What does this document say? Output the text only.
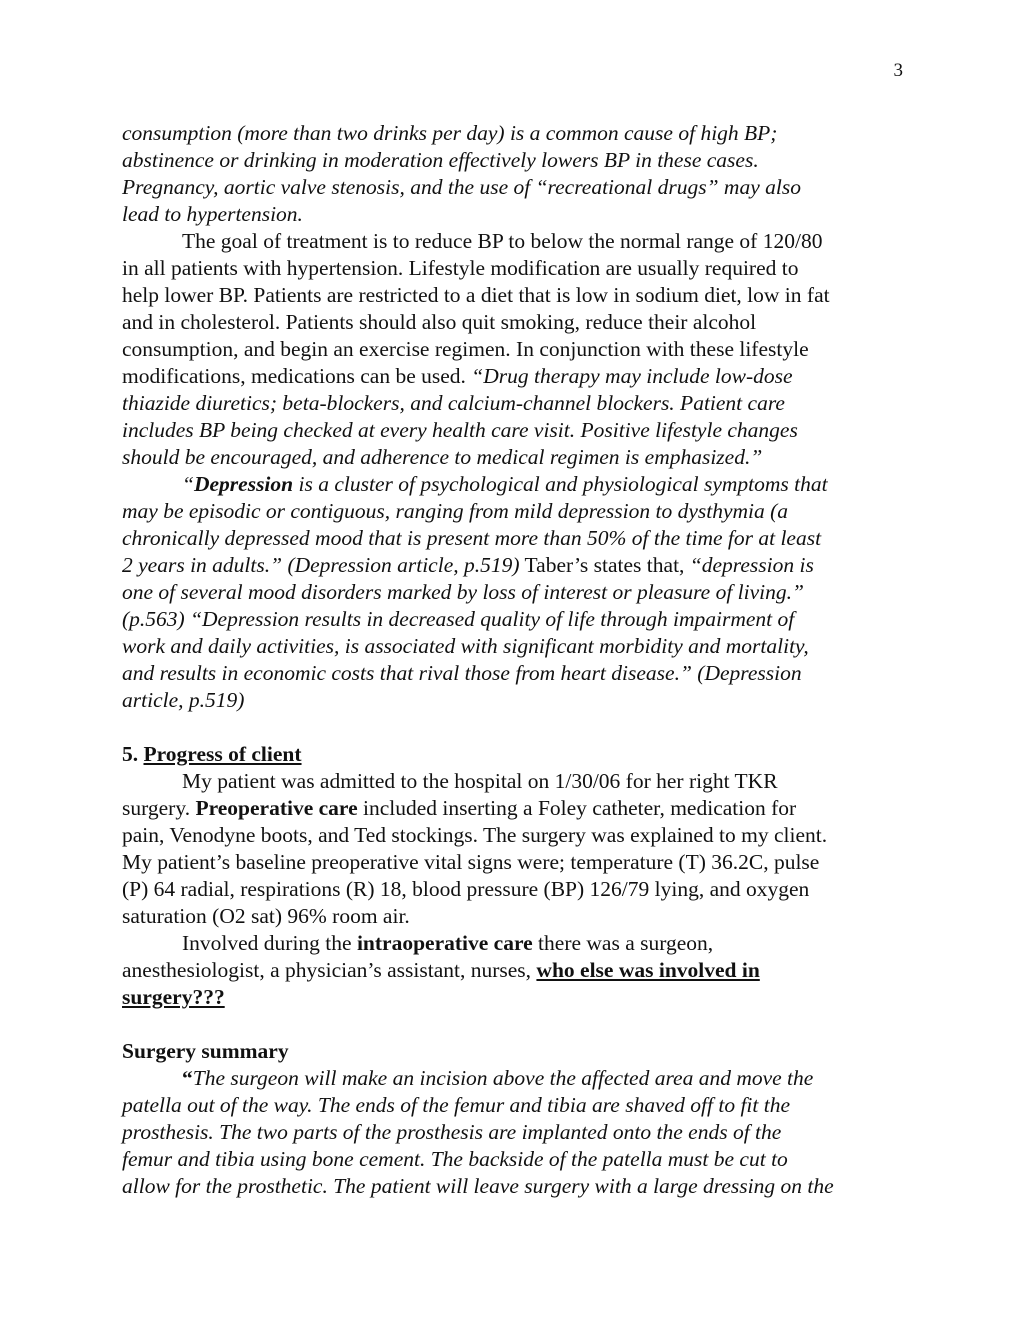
3
consumption (more than two drinks per day) is a common cause of high BP;
abstinence or drinking in moderation effectively lowers BP in these cases.
Pregnancy, aortic valve stenosis, and the use of “recreational drugs” may also
lead to hypertension.
The goal of treatment is to reduce BP to below the normal range of 120/80
in all patients with hypertension. Lifestyle modification are usually required to
help lower BP. Patients are restricted to a diet that is low in sodium diet, low in fat
and in cholesterol. Patients should also quit smoking, reduce their alcohol
consumption, and begin an exercise regimen. In conjunction with these lifestyle
modifications, medications can be used. “Drug therapy may include low-dose
thiazide diuretics; beta-blockers, and calcium-channel blockers. Patient care
includes BP being checked at every health care visit. Positive lifestyle changes
should be encouraged, and adherence to medical regimen is emphasized.”
“Depression is a cluster of psychological and physiological symptoms that
may be episodic or contiguous, ranging from mild depression to dysthymia (a
chronically depressed mood that is present more than 50% of the time for at least
2 years in adults.” (Depression article, p.519) Taber’s states that, “depression is
one of several mood disorders marked by loss of interest or pleasure of living.”
(p.563) “Depression results in decreased quality of life through impairment of
work and daily activities, is associated with significant morbidity and mortality,
and results in economic costs that rival those from heart disease.” (Depression
article, p.519)
5. Progress of client
My patient was admitted to the hospital on 1/30/06 for her right TKR
surgery. Preoperative care included inserting a Foley catheter, medication for
pain, Venodyne boots, and Ted stockings. The surgery was explained to my client.
My patient’s baseline preoperative vital signs were; temperature (T) 36.2C, pulse
(P) 64 radial, respirations (R) 18, blood pressure (BP) 126/79 lying, and oxygen
saturation (O2 sat) 96% room air.
Involved during the intraoperative care there was a surgeon,
anesthesiologist, a physician’s assistant, nurses, who else was involved in
surgery???
Surgery summary
“The surgeon will make an incision above the affected area and move the
patella out of the way. The ends of the femur and tibia are shaved off to fit the
prosthesis. The two parts of the prosthesis are implanted onto the ends of the
femur and tibia using bone cement. The backside of the patella must be cut to
allow for the prosthetic. The patient will leave surgery with a large dressing on the
